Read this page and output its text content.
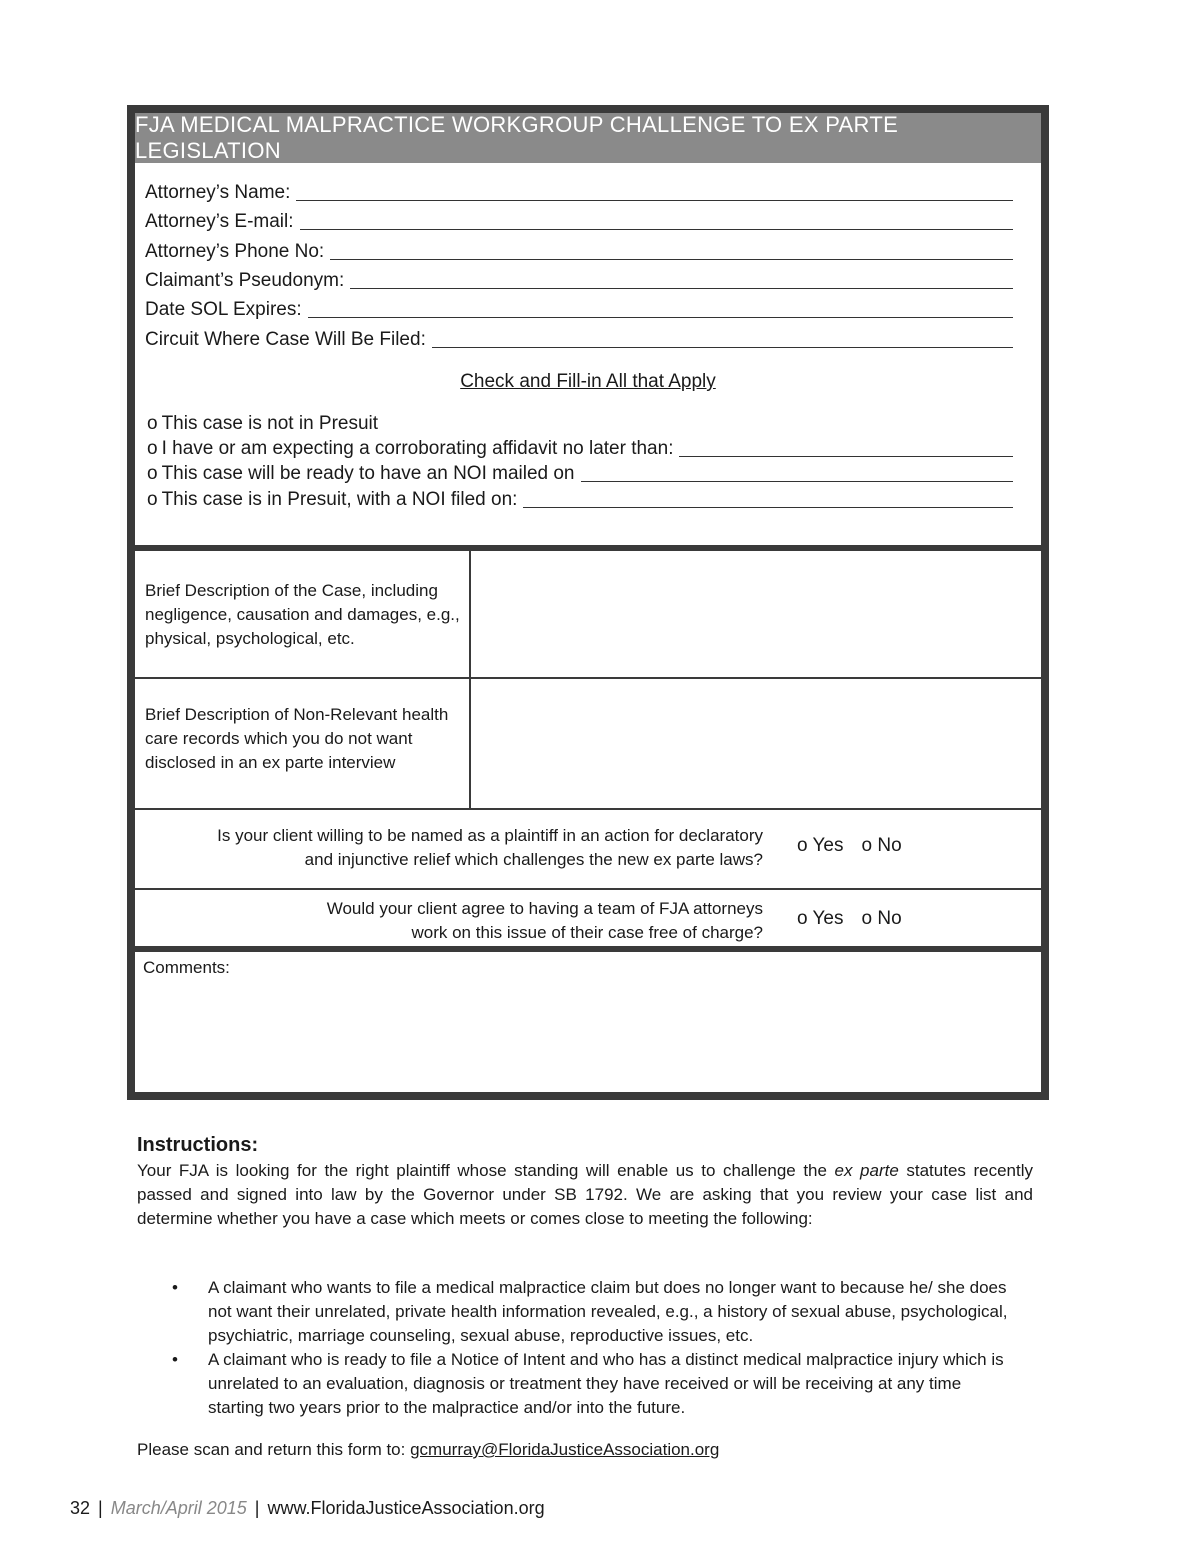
FJA MEDICAL MALPRACTICE WORKGROUP CHALLENGE TO EX PARTE LEGISLATION
Attorney’s Name:
Attorney’s E-mail:
Attorney’s Phone No:
Claimant’s Pseudonym:
Date SOL Expires:
Circuit Where Case Will Be Filed:
Check and Fill-in All that Apply
o This case is not in Presuit
o I have or am expecting a corroborating affidavit no later than:
o This case will be ready to have an NOI mailed on
o This case is in Presuit, with a NOI filed on:
Brief Description of the Case, including negligence, causation and damages, e.g., physical, psychological, etc.
Brief Description of Non-Relevant health care records which you do not want disclosed in an ex parte interview
Is your client willing to be named as a plaintiff in an action for declaratory
and injunctive relief which challenges the new ex parte laws?
o Yes o No
Would your client agree to having a team of FJA attorneys
work on this issue of their case free of charge?
o Yes o No
Comments:
Instructions:
Your FJA is looking for the right plaintiff whose standing will enable us to challenge the ex parte statutes recently passed and signed into law by the Governor under SB 1792. We are asking that you review your case list and determine whether you have a case which meets or comes close to meeting the following:
• A claimant who wants to file a medical malpractice claim but does no longer want to because he/ she does not want their unrelated, private health information revealed, e.g., a history of sexual abuse, psychological, psychiatric, marriage counseling, sexual abuse, reproductive issues, etc.
• A claimant who is ready to file a Notice of Intent and who has a distinct medical malpractice injury which is unrelated to an evaluation, diagnosis or treatment they have received or will be receiving at any time starting two years prior to the malpractice and/or into the future.
Please scan and return this form to: gcmurray@FloridaJusticeAssociation.org
32 | March/April 2015 | www.FloridaJusticeAssociation.org
